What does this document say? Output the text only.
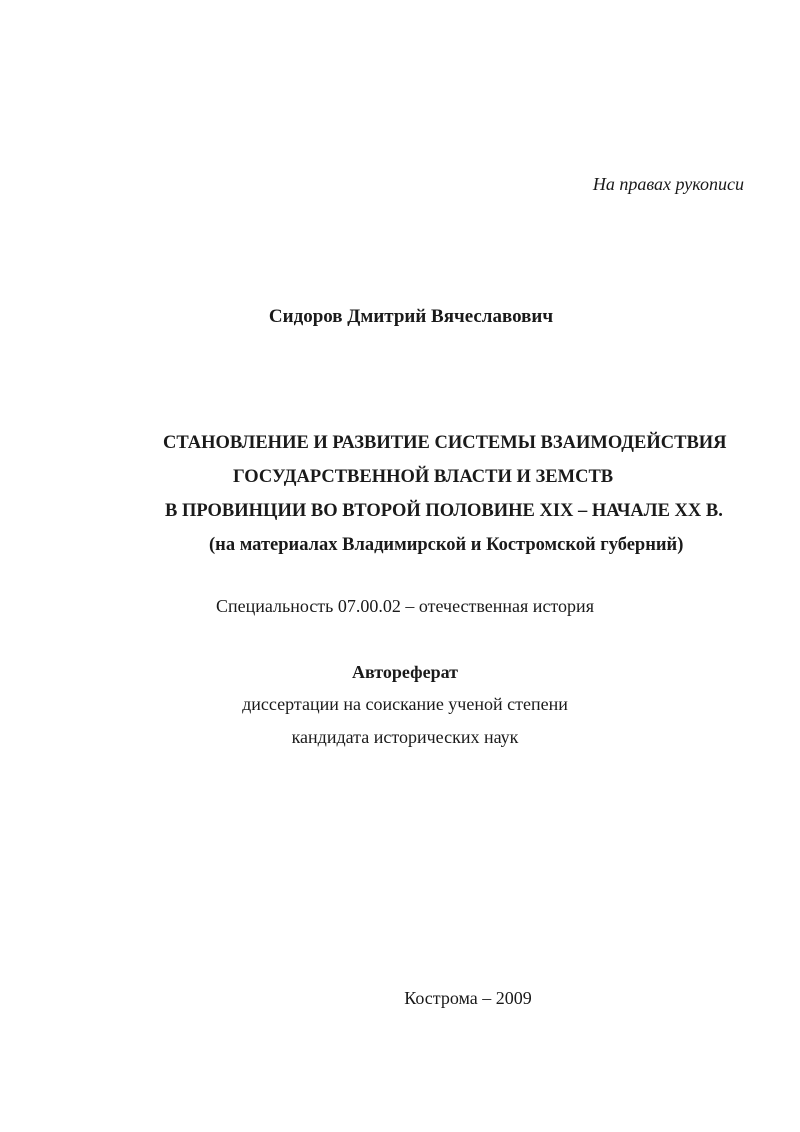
На правах рукописи
Сидоров Дмитрий Вячеславович
СТАНОВЛЕНИЕ И РАЗВИТИЕ СИСТЕМЫ ВЗАИМОДЕЙСТВИЯ
ГОСУДАРСТВЕННОЙ ВЛАСТИ И ЗЕМСТВ
В ПРОВИНЦИИ ВО ВТОРОЙ ПОЛОВИНЕ XIX – НАЧАЛЕ XX В.
(на материалах Владимирской и Костромской губерний)
Специальность 07.00.02 – отечественная история
Автореферат
диссертации на соискание ученой степени
кандидата исторических наук
Кострома – 2009
